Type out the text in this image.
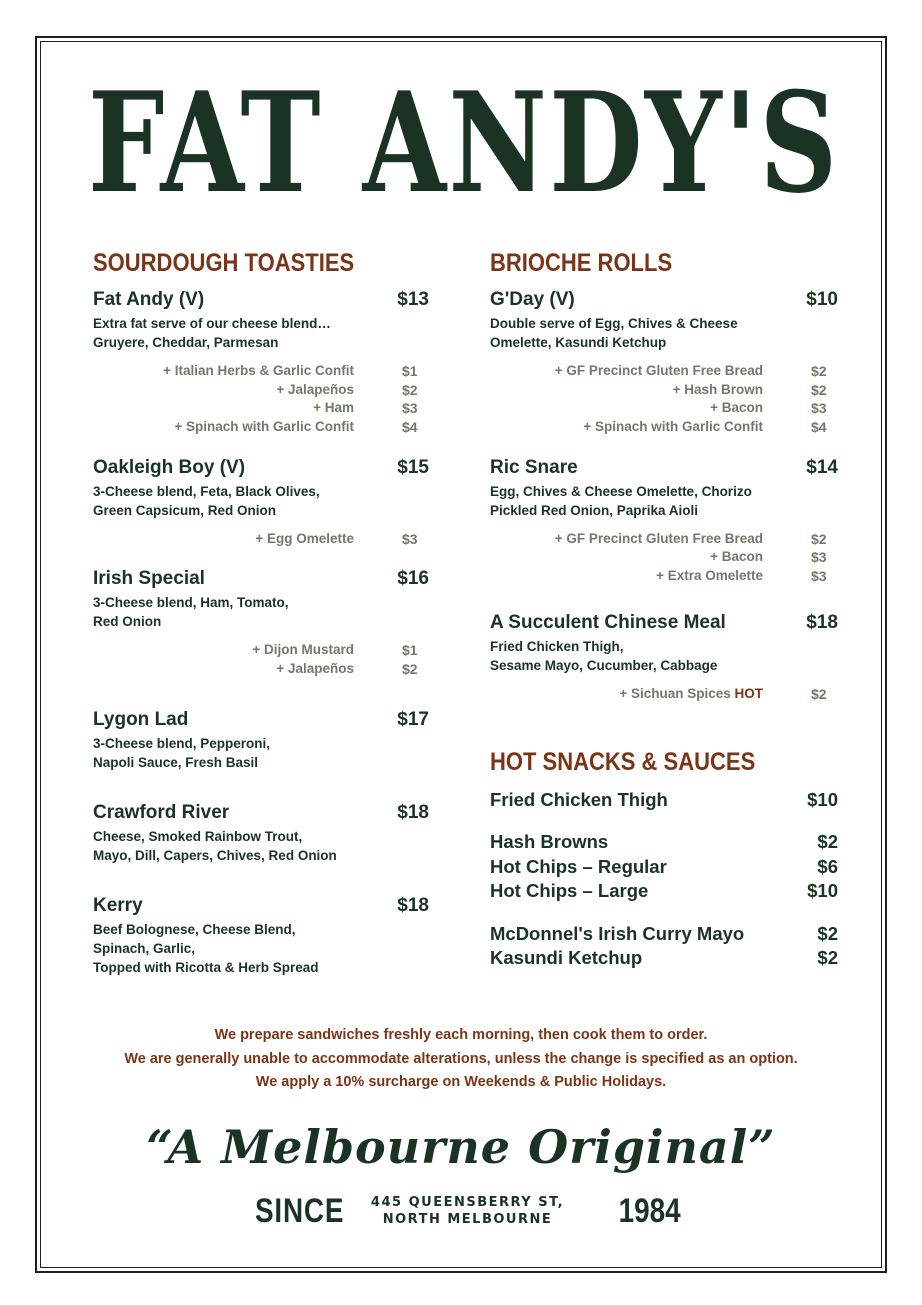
FAT ANDY'S
SOURDOUGH TOASTIES
Fat Andy (V)	$13
Extra fat serve of our cheese blend…
Gruyere, Cheddar, Parmesan
+ Italian Herbs & Garlic Confit	$1
+ Jalapeños	$2
+ Ham	$3
+ Spinach with Garlic Confit	$4
Oakleigh Boy (V)	$15
3-Cheese blend, Feta, Black Olives,
Green Capsicum, Red Onion
+ Egg Omelette	$3
Irish Special	$16
3-Cheese blend, Ham, Tomato,
Red Onion
+ Dijon Mustard	$1
+ Jalapeños	$2
Lygon Lad	$17
3-Cheese blend, Pepperoni,
Napoli Sauce, Fresh Basil
Crawford River	$18
Cheese, Smoked Rainbow Trout,
Mayo, Dill, Capers, Chives, Red Onion
Kerry	$18
Beef Bolognese, Cheese Blend,
Spinach, Garlic,
Topped with Ricotta & Herb Spread
BRIOCHE ROLLS
G'Day (V)	$10
Double serve of Egg, Chives & Cheese
Omelette, Kasundi Ketchup
+ GF Precinct Gluten Free Bread	$2
+ Hash Brown	$2
+ Bacon	$3
+ Spinach with Garlic Confit	$4
Ric Snare	$14
Egg, Chives & Cheese Omelette, Chorizo
Pickled Red Onion, Paprika Aioli
+ GF Precinct Gluten Free Bread	$2
+ Bacon	$3
+ Extra Omelette	$3
A Succulent Chinese Meal	$18
Fried Chicken Thigh,
Sesame Mayo, Cucumber, Cabbage
+ Sichuan Spices HOT	$2
HOT SNACKS & SAUCES
Fried Chicken Thigh	$10
Hash Browns	$2
Hot Chips – Regular	$6
Hot Chips – Large	$10
McDonnel's Irish Curry Mayo	$2
Kasundi Ketchup	$2
We prepare sandwiches freshly each morning, then cook them to order.
We are generally unable to accommodate alterations, unless the change is specified as an option.
We apply a 10% surcharge on Weekends & Public Holidays.
“A Melbourne Original”
SINCE	445 QUEENSBERRY ST,
NORTH MELBOURNE	1984
